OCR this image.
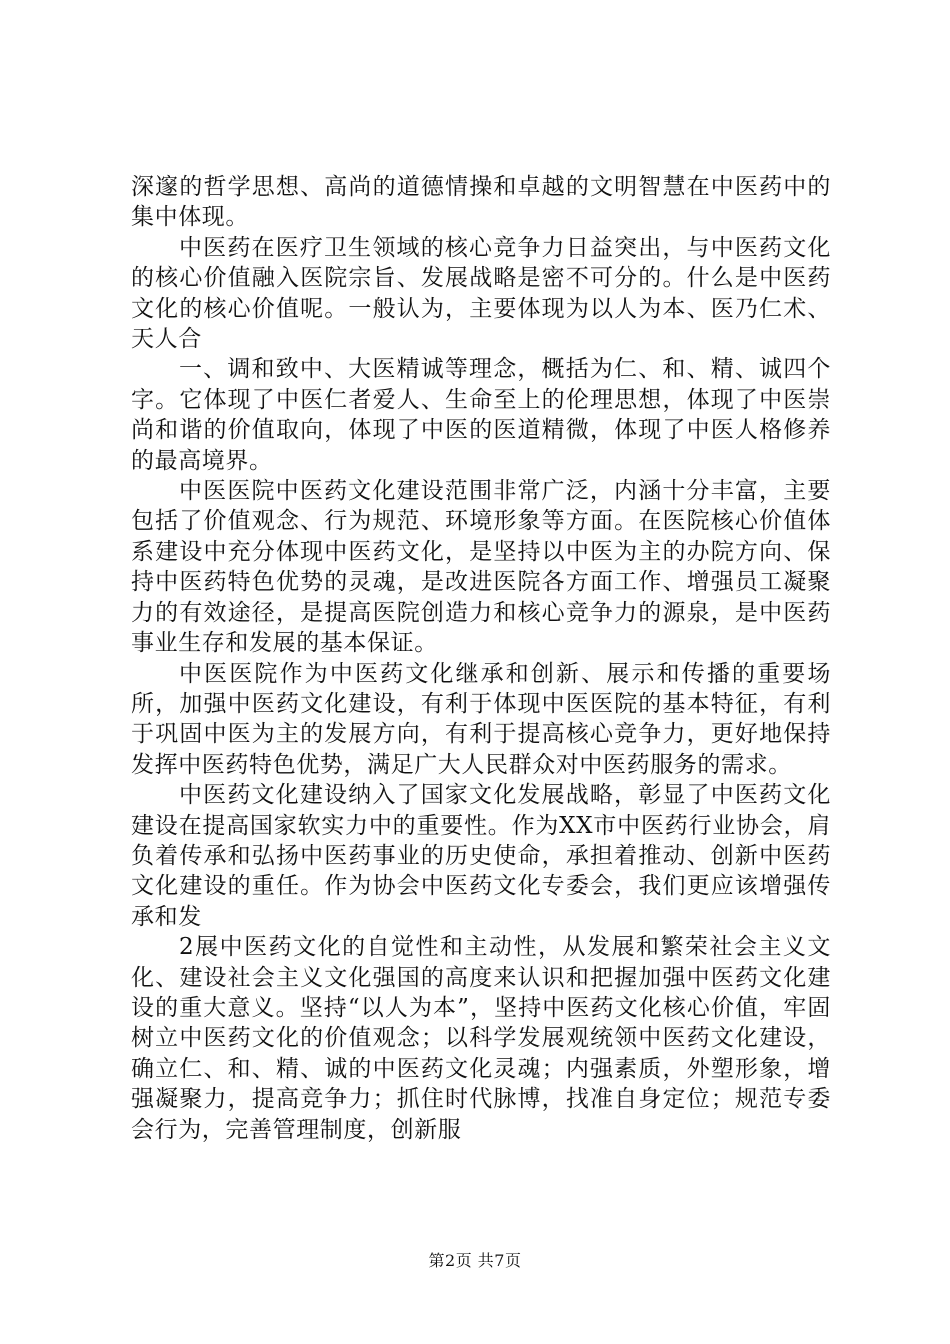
深邃的哲学思想、高尚的道德情操和卓越的文明智慧在中医药中的集中体现。

中医药在医疗卫生领域的核心竞争力日益突出，与中医药文化的核心价值融入医院宗旨、发展战略是密不可分的。什么是中医药文化的核心价值呢。一般认为，主要体现为以人为本、医乃仁术、天人合

一、调和致中、大医精诚等理念，概括为仁、和、精、诚四个字。它体现了中医仁者爱人、生命至上的伦理思想，体现了中医崇尚和谐的价值取向，体现了中医的医道精微，体现了中医人格修养的最高境界。

中医医院中医药文化建设范围非常广泛，内涵十分丰富，主要包括了价值观念、行为规范、环境形象等方面。在医院核心价值体系建设中充分体现中医药文化，是坚持以中医为主的办院方向、保持中医药特色优势的灵魂，是改进医院各方面工作、增强员工凝聚力的有效途径，是提高医院创造力和核心竞争力的源泉，是中医药事业生存和发展的基本保证。

中医医院作为中医药文化继承和创新、展示和传播的重要场所，加强中医药文化建设，有利于体现中医医院的基本特征，有利于巩固中医为主的发展方向，有利于提高核心竞争力，更好地保持发挥中医药特色优势，满足广大人民群众对中医药服务的需求。

中医药文化建设纳入了国家文化发展战略，彰显了中医药文化建设在提高国家软实力中的重要性。作为XX市中医药行业协会，肩负着传承和弘扬中医药事业的历史使命，承担着推动、创新中医药文化建设的重任。作为协会中医药文化专委会，我们更应该增强传承和发

2展中医药文化的自觉性和主动性，从发展和繁荣社会主义文化、建设社会主义文化强国的高度来认识和把握加强中医药文化建设的重大意义。坚持“以人为本”，坚持中医药文化核心价值，牢固树立中医药文化的价值观念；以科学发展观统领中医药文化建设，确立仁、和、精、诚的中医药文化灵魂；内强素质，外塑形象，增强凝聚力，提高竞争力；抓住时代脉博，找准自身定位；规范专委会行为，完善管理制度，创新服

第2页 共7页
